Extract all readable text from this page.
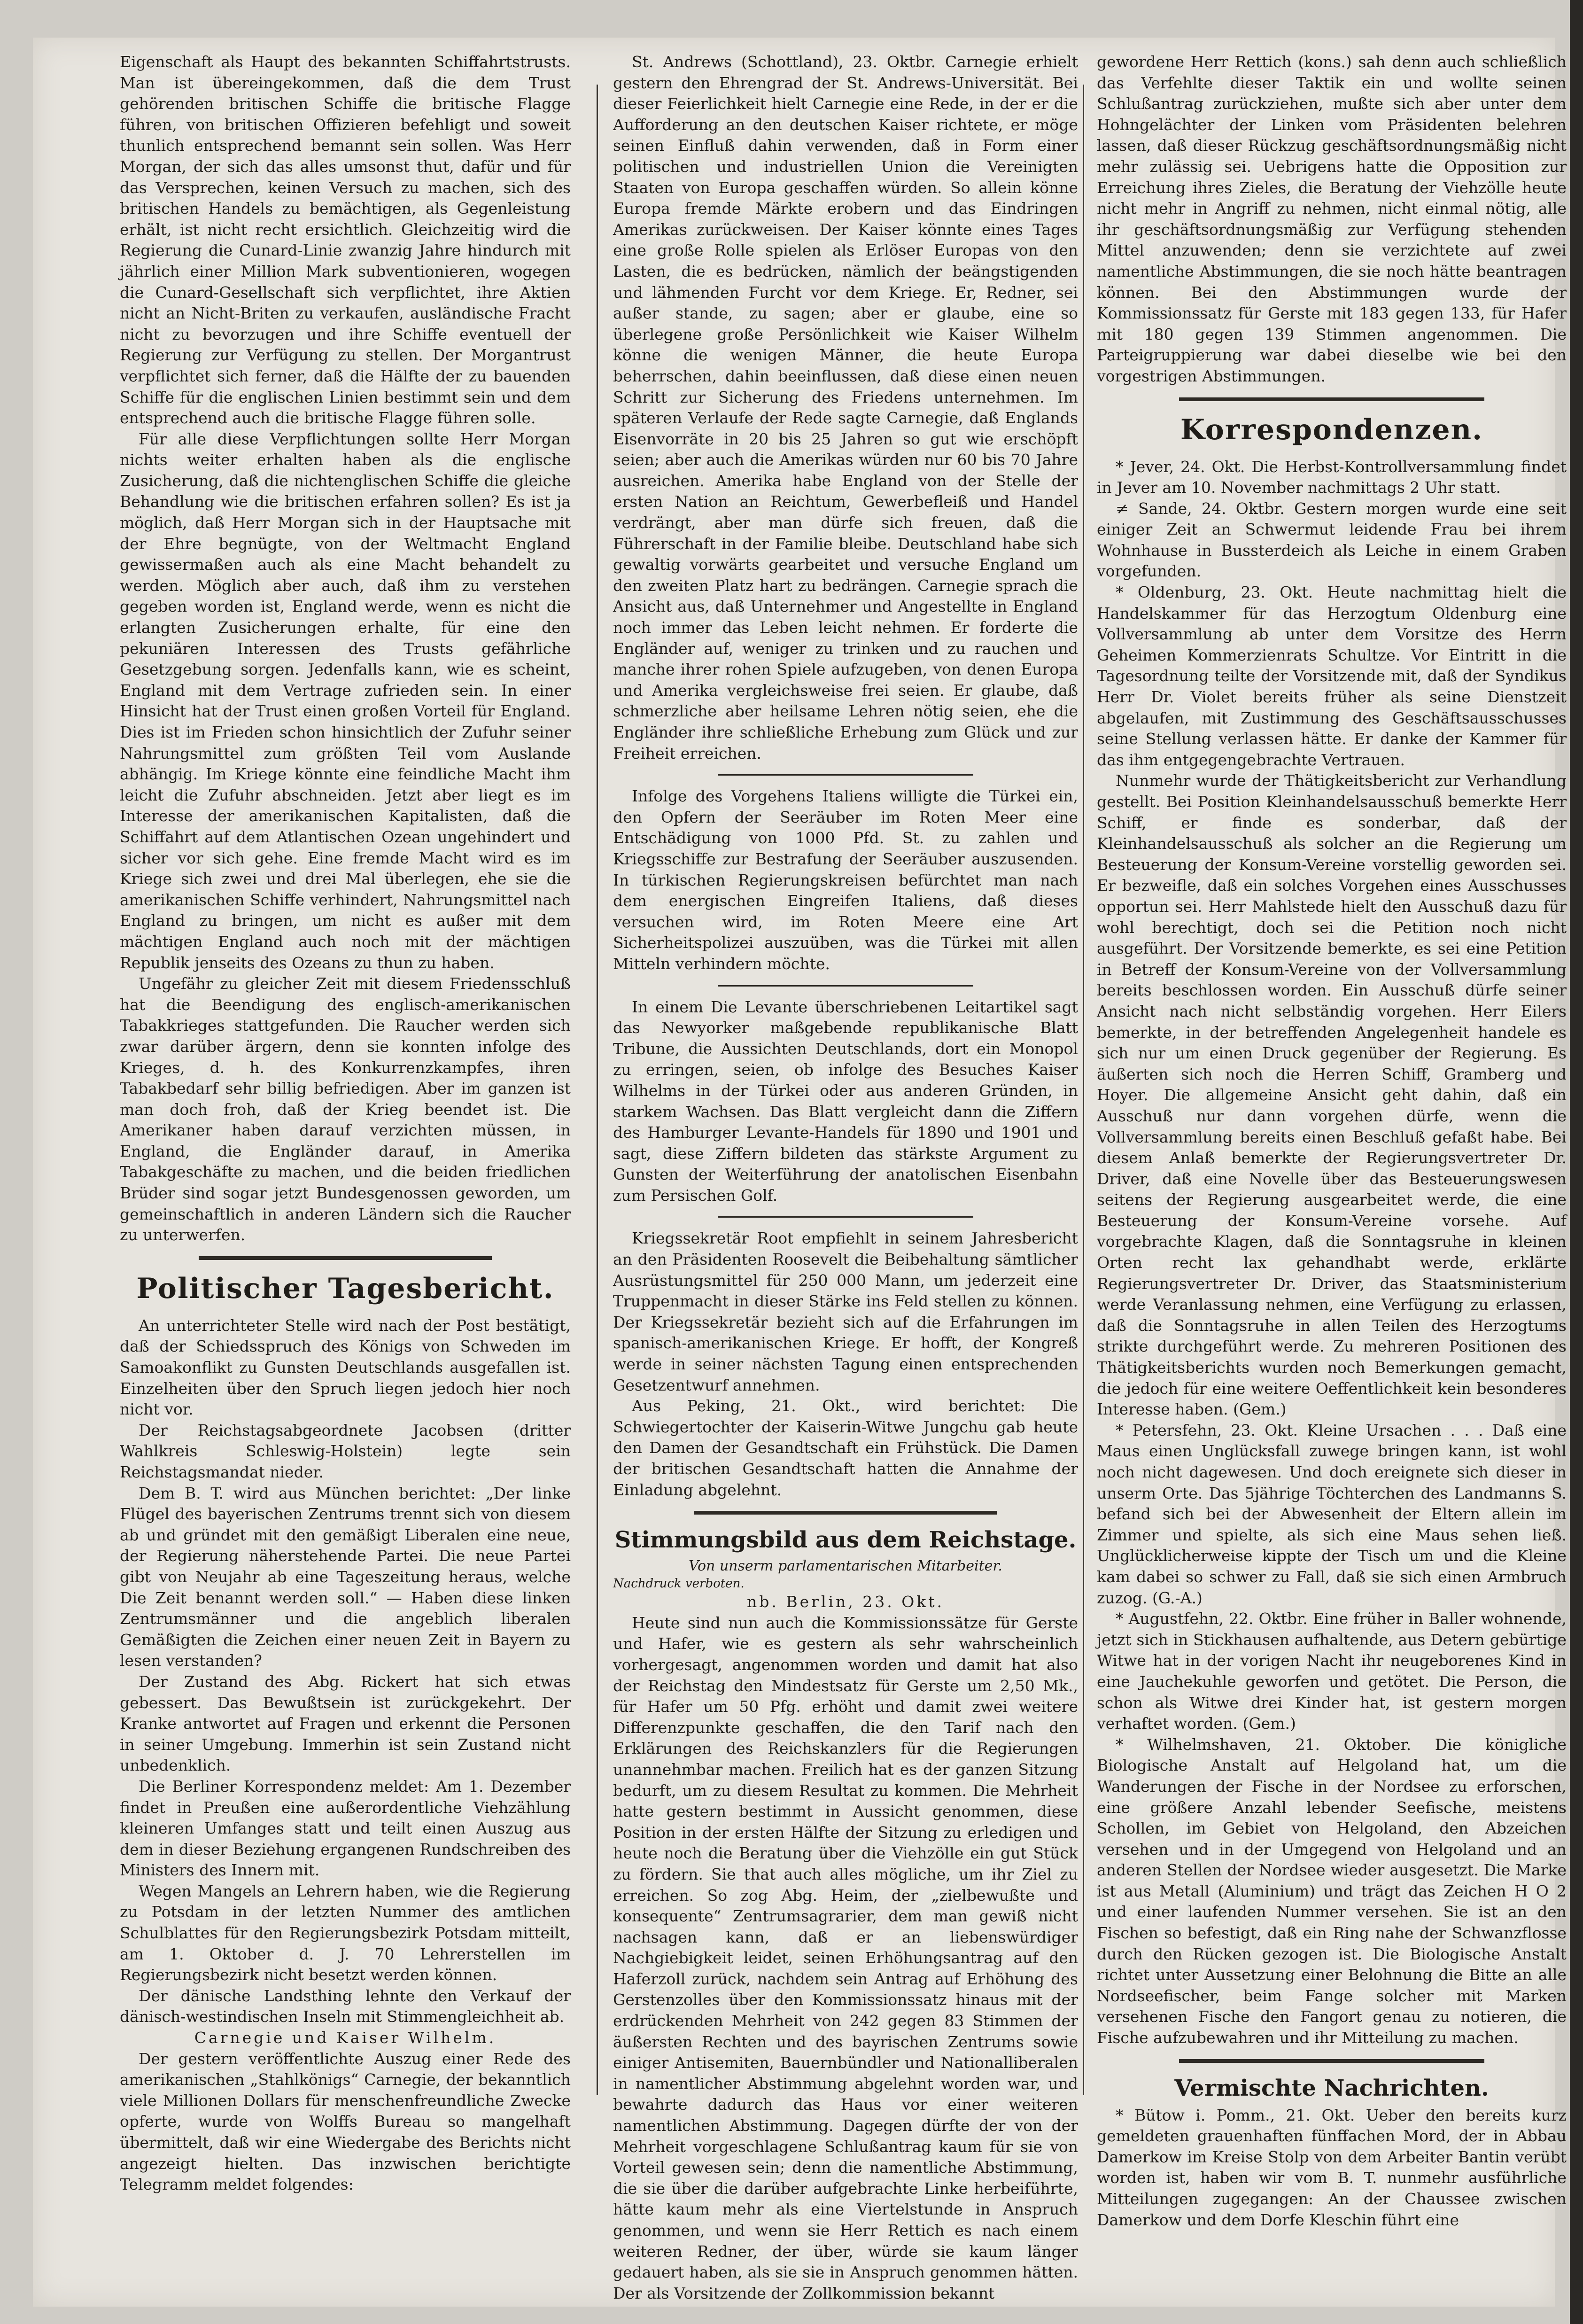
Eigenschaft als Haupt des bekannten Schiffahrtstrusts. Man ist übereingekommen, daß die dem Trust gehörenden britischen Schiffe die britische Flagge führen, von britischen Offizieren befehligt und soweit thunlich entsprechend bemannt sein sollen. Was Herr Morgan, der sich das alles umsonst thut, dafür und für das Versprechen, keinen Versuch zu machen, sich des britischen Handels zu bemächtigen, als Gegenleistung erhält, ist nicht recht ersichtlich. Gleichzeitig wird die Regierung die Cunard-Linie zwanzig Jahre hindurch mit jährlich einer Million Mark subventionieren, wogegen die Cunard-Gesellschaft sich verpflichtet, ihre Aktien nicht an Nicht-Briten zu verkaufen, ausländische Fracht nicht zu bevorzugen und ihre Schiffe eventuell der Regierung zur Verfügung zu stellen. Der Morgantrust verpflichtet sich ferner, daß die Hälfte der zu bauenden Schiffe für die englischen Linien bestimmt sein und dem entsprechend auch die britische Flagge führen solle.

Für alle diese Verpflichtungen sollte Herr Morgan nichts weiter erhalten haben als die englische Zusicherung, daß die nichtenglischen Schiffe die gleiche Behandlung wie die britischen erfahren sollen? Es ist ja möglich, daß Herr Morgan sich in der Hauptsache mit der Ehre begnügte, von der Weltmacht England gewissermaßen auch als eine Macht behandelt zu werden. Möglich aber auch, daß ihm zu verstehen gegeben worden ist, England werde, wenn es nicht die erlangten Zusicherungen erhalte, für eine den pekuniären Interessen des Trusts gefährliche Gesetzgebung sorgen. Jedenfalls kann, wie es scheint, England mit dem Vertrage zufrieden sein. In einer Hinsicht hat der Trust einen großen Vorteil für England. Dies ist im Frieden schon hinsichtlich der Zufuhr seiner Nahrungsmittel zum größten Teil vom Auslande abhängig. Im Kriege könnte eine feindliche Macht ihm leicht die Zufuhr abschneiden. Jetzt aber liegt es im Interesse der amerikanischen Kapitalisten, daß die Schiffahrt auf dem Atlantischen Ozean ungehindert und sicher vor sich gehe. Eine fremde Macht wird es im Kriege sich zwei und drei Mal überlegen, ehe sie die amerikanischen Schiffe verhindert, Nahrungsmittel nach England zu bringen, um nicht es außer mit dem mächtigen England auch noch mit der mächtigen Republik jenseits des Ozeans zu thun zu haben.

Ungefähr zu gleicher Zeit mit diesem Friedensschluß hat die Beendigung des englisch-amerikanischen Tabakkrieges stattgefunden. Die Raucher werden sich zwar darüber ärgern, denn sie konnten infolge des Krieges, d. h. des Konkurrenzkampfes, ihren Tabakbedarf sehr billig befriedigen. Aber im ganzen ist man doch froh, daß der Krieg beendet ist. Die Amerikaner haben darauf verzichten müssen, in England, die Engländer darauf, in Amerika Tabakgeschäfte zu machen, und die beiden friedlichen Brüder sind sogar jetzt Bundesgenossen geworden, um gemeinschaftlich in anderen Ländern sich die Raucher zu unterwerfen.

Politischer Tagesbericht.

An unterrichteter Stelle wird nach der Post bestätigt, daß der Schiedsspruch des Königs von Schweden im Samoakonflikt zu Gunsten Deutschlands ausgefallen ist. Einzelheiten über den Spruch liegen jedoch hier noch nicht vor.

Der Reichstagsabgeordnete Jacobsen (dritter Wahlkreis Schleswig-Holstein) legte sein Reichstagsmandat nieder.

Dem B. T. wird aus München berichtet: „Der linke Flügel des bayerischen Zentrums trennt sich von diesem ab und gründet mit den gemäßigt Liberalen eine neue, der Regierung näherstehende Partei. Die neue Partei gibt von Neujahr ab eine Tageszeitung heraus, welche Die Zeit benannt werden soll.“ — Haben diese linken Zentrumsmänner und die angeblich liberalen Gemäßigten die Zeichen einer neuen Zeit in Bayern zu lesen verstanden?

Der Zustand des Abg. Rickert hat sich etwas gebessert. Das Bewußtsein ist zurückgekehrt. Der Kranke antwortet auf Fragen und erkennt die Personen in seiner Umgebung. Immerhin ist sein Zustand nicht unbedenklich.

Die Berliner Korrespondenz meldet: Am 1. Dezember findet in Preußen eine außerordentliche Viehzählung kleineren Umfanges statt und teilt einen Auszug aus dem in dieser Beziehung ergangenen Rundschreiben des Ministers des Innern mit.

Wegen Mangels an Lehrern haben, wie die Regierung zu Potsdam in der letzten Nummer des amtlichen Schulblattes für den Regierungsbezirk Potsdam mitteilt, am 1. Oktober d. J. 70 Lehrerstellen im Regierungsbezirk nicht besetzt werden können.

Der dänische Landsthing lehnte den Verkauf der dänisch-westindischen Inseln mit Stimmengleichheit ab.

Carnegie und Kaiser Wilhelm.

Der gestern veröffentlichte Auszug einer Rede des amerikanischen „Stahlkönigs“ Carnegie, der bekanntlich viele Millionen Dollars für menschenfreundliche Zwecke opferte, wurde von Wolffs Bureau so mangelhaft übermittelt, daß wir eine Wiedergabe des Berichts nicht angezeigt hielten. Das inzwischen berichtigte Telegramm meldet folgendes:

St. Andrews (Schottland), 23. Oktbr. Carnegie erhielt gestern den Ehrengrad der St. Andrews-Universität. Bei dieser Feierlichkeit hielt Carnegie eine Rede, in der er die Aufforderung an den deutschen Kaiser richtete, er möge seinen Einfluß dahin verwenden, daß in Form einer politischen und industriellen Union die Vereinigten Staaten von Europa geschaffen würden. So allein könne Europa fremde Märkte erobern und das Eindringen Amerikas zurückweisen. Der Kaiser könnte eines Tages eine große Rolle spielen als Erlöser Europas von den Lasten, die es bedrücken, nämlich der beängstigenden und lähmenden Furcht vor dem Kriege. Er, Redner, sei außer stande, zu sagen; aber er glaube, eine so überlegene große Persönlichkeit wie Kaiser Wilhelm könne die wenigen Männer, die heute Europa beherrschen, dahin beeinflussen, daß diese einen neuen Schritt zur Sicherung des Friedens unternehmen. Im späteren Verlaufe der Rede sagte Carnegie, daß Englands Eisenvorräte in 20 bis 25 Jahren so gut wie erschöpft seien; aber auch die Amerikas würden nur 60 bis 70 Jahre ausreichen. Amerika habe England von der Stelle der ersten Nation an Reichtum, Gewerbefleiß und Handel verdrängt, aber man dürfe sich freuen, daß die Führerschaft in der Familie bleibe. Deutschland habe sich gewaltig vorwärts gearbeitet und versuche England um den zweiten Platz hart zu bedrängen. Carnegie sprach die Ansicht aus, daß Unternehmer und Angestellte in England noch immer das Leben leicht nehmen. Er forderte die Engländer auf, weniger zu trinken und zu rauchen und manche ihrer rohen Spiele aufzugeben, von denen Europa und Amerika vergleichsweise frei seien. Er glaube, daß schmerzliche aber heilsame Lehren nötig seien, ehe die Engländer ihre schließliche Erhebung zum Glück und zur Freiheit erreichen.

Infolge des Vorgehens Italiens willigte die Türkei ein, den Opfern der Seeräuber im Roten Meer eine Entschädigung von 1000 Pfd. St. zu zahlen und Kriegsschiffe zur Bestrafung der Seeräuber auszusenden. In türkischen Regierungskreisen befürchtet man nach dem energischen Eingreifen Italiens, daß dieses versuchen wird, im Roten Meere eine Art Sicherheitspolizei auszuüben, was die Türkei mit allen Mitteln verhindern möchte.

In einem Die Levante überschriebenen Leitartikel sagt das Newyorker maßgebende republikanische Blatt Tribune, die Aussichten Deutschlands, dort ein Monopol zu erringen, seien, ob infolge des Besuches Kaiser Wilhelms in der Türkei oder aus anderen Gründen, in starkem Wachsen. Das Blatt vergleicht dann die Ziffern des Hamburger Levante-Handels für 1890 und 1901 und sagt, diese Ziffern bildeten das stärkste Argument zu Gunsten der Weiterführung der anatolischen Eisenbahn zum Persischen Golf.

Kriegssekretär Root empfiehlt in seinem Jahresbericht an den Präsidenten Roosevelt die Beibehaltung sämtlicher Ausrüstungsmittel für 250 000 Mann, um jederzeit eine Truppenmacht in dieser Stärke ins Feld stellen zu können. Der Kriegssekretär bezieht sich auf die Erfahrungen im spanisch-amerikanischen Kriege. Er hofft, der Kongreß werde in seiner nächsten Tagung einen entsprechenden Gesetzentwurf annehmen.

Aus Peking, 21. Okt., wird berichtet: Die Schwiegertochter der Kaiserin-Witwe Jungchu gab heute den Damen der Gesandtschaft ein Frühstück. Die Damen der britischen Gesandtschaft hatten die Annahme der Einladung abgelehnt.

Stimmungsbild aus dem Reichstage.
Von unserm parlamentarischen Mitarbeiter.
Nachdruck verboten.

nb. Berlin, 23. Okt.

Heute sind nun auch die Kommissionssätze für Gerste und Hafer, wie es gestern als sehr wahrscheinlich vorhergesagt, angenommen worden und damit hat also der Reichstag den Mindestsatz für Gerste um 2,50 Mk., für Hafer um 50 Pfg. erhöht und damit zwei weitere Differenzpunkte geschaffen, die den Tarif nach den Erklärungen des Reichskanzlers für die Regierungen unannehmbar machen. Freilich hat es der ganzen Sitzung bedurft, um zu diesem Resultat zu kommen. Die Mehrheit hatte gestern bestimmt in Aussicht genommen, diese Position in der ersten Hälfte der Sitzung zu erledigen und heute noch die Beratung über die Viehzölle ein gut Stück zu fördern. Sie that auch alles mögliche, um ihr Ziel zu erreichen. So zog Abg. Heim, der „zielbewußte und konsequente“ Zentrumsagrarier, dem man gewiß nicht nachsagen kann, daß er an liebenswürdiger Nachgiebigkeit leidet, seinen Erhöhungsantrag auf den Haferzoll zurück, nachdem sein Antrag auf Erhöhung des Gerstenzolles über den Kommissionssatz hinaus mit der erdrückenden Mehrheit von 242 gegen 83 Stimmen der äußersten Rechten und des bayrischen Zentrums sowie einiger Antisemiten, Bauernbündler und Nationalliberalen in namentlicher Abstimmung abgelehnt worden war, und bewahrte dadurch das Haus vor einer weiteren namentlichen Abstimmung. Dagegen dürfte der von der Mehrheit vorgeschlagene Schlußantrag kaum für sie von Vorteil gewesen sein; denn die namentliche Abstimmung, die sie über die darüber aufgebrachte Linke herbeiführte, hätte kaum mehr als eine Viertelstunde in Anspruch genommen, und wenn sie Herr Rettich es nach einem weiteren Redner, der über, würde sie kaum länger gedauert haben, als sie sie in Anspruch genommen hätten. Der als Vorsitzende der Zollkommission bekannt

gewordene Herr Rettich (kons.) sah denn auch schließlich das Verfehlte dieser Taktik ein und wollte seinen Schlußantrag zurückziehen, mußte sich aber unter dem Hohngelächter der Linken vom Präsidenten belehren lassen, daß dieser Rückzug geschäftsordnungsmäßig nicht mehr zulässig sei. Uebrigens hatte die Opposition zur Erreichung ihres Zieles, die Beratung der Viehzölle heute nicht mehr in Angriff zu nehmen, nicht einmal nötig, alle ihr geschäftsordnungsmäßig zur Verfügung stehenden Mittel anzuwenden; denn sie verzichtete auf zwei namentliche Abstimmungen, die sie noch hätte beantragen können. Bei den Abstimmungen wurde der Kommissionssatz für Gerste mit 183 gegen 133, für Hafer mit 180 gegen 139 Stimmen angenommen. Die Parteigruppierung war dabei dieselbe wie bei den vorgestrigen Abstimmungen.

Korrespondenzen.

* Jever, 24. Okt. Die Herbst-Kontrollversammlung findet in Jever am 10. November nachmittags 2 Uhr statt.

≠ Sande, 24. Oktbr. Gestern morgen wurde eine seit einiger Zeit an Schwermut leidende Frau bei ihrem Wohnhause in Bussterdeich als Leiche in einem Graben vorgefunden.

* Oldenburg, 23. Okt. Heute nachmittag hielt die Handelskammer für das Herzogtum Oldenburg eine Vollversammlung ab unter dem Vorsitze des Herrn Geheimen Kommerzienrats Schultze. Vor Eintritt in die Tagesordnung teilte der Vorsitzende mit, daß der Syndikus Herr Dr. Violet bereits früher als seine Dienstzeit abgelaufen, mit Zustimmung des Geschäftsausschusses seine Stellung verlassen hätte. Er danke der Kammer für das ihm entgegengebrachte Vertrauen.

Nunmehr wurde der Thätigkeitsbericht zur Verhandlung gestellt. Bei Position Kleinhandelsausschuß bemerkte Herr Schiff, er finde es sonderbar, daß der Kleinhandelsausschuß als solcher an die Regierung um Besteuerung der Konsum-Vereine vorstellig geworden sei. Er bezweifle, daß ein solches Vorgehen eines Ausschusses opportun sei. Herr Mahlstede hielt den Ausschuß dazu für wohl berechtigt, doch sei die Petition noch nicht ausgeführt. Der Vorsitzende bemerkte, es sei eine Petition in Betreff der Konsum-Vereine von der Vollversammlung bereits beschlossen worden. Ein Ausschuß dürfe seiner Ansicht nach nicht selbständig vorgehen. Herr Eilers bemerkte, in der betreffenden Angelegenheit handele es sich nur um einen Druck gegenüber der Regierung. Es äußerten sich noch die Herren Schiff, Gramberg und Hoyer. Die allgemeine Ansicht geht dahin, daß ein Ausschuß nur dann vorgehen dürfe, wenn die Vollversammlung bereits einen Beschluß gefaßt habe. Bei diesem Anlaß bemerkte der Regierungsvertreter Dr. Driver, daß eine Novelle über das Besteuerungswesen seitens der Regierung ausgearbeitet werde, die eine Besteuerung der Konsum-Vereine vorsehe. Auf vorgebrachte Klagen, daß die Sonntagsruhe in kleinen Orten recht lax gehandhabt werde, erklärte Regierungsvertreter Dr. Driver, das Staatsministerium werde Veranlassung nehmen, eine Verfügung zu erlassen, daß die Sonntagsruhe in allen Teilen des Herzogtums strikte durchgeführt werde. Zu mehreren Positionen des Thätigkeitsberichts wurden noch Bemerkungen gemacht, die jedoch für eine weitere Oeffentlichkeit kein besonderes Interesse haben. (Gem.)

* Petersfehn, 23. Okt. Kleine Ursachen . . . Daß eine Maus einen Unglücksfall zuwege bringen kann, ist wohl noch nicht dagewesen. Und doch ereignete sich dieser in unserm Orte. Das 5jährige Töchterchen des Landmanns S. befand sich bei der Abwesenheit der Eltern allein im Zimmer und spielte, als sich eine Maus sehen ließ. Unglücklicherweise kippte der Tisch um und die Kleine kam dabei so schwer zu Fall, daß sie sich einen Armbruch zuzog. (G.-A.)

* Augustfehn, 22. Oktbr. Eine früher in Baller wohnende, jetzt sich in Stickhausen aufhaltende, aus Detern gebürtige Witwe hat in der vorigen Nacht ihr neugeborenes Kind in eine Jauchekuhle geworfen und getötet. Die Person, die schon als Witwe drei Kinder hat, ist gestern morgen verhaftet worden. (Gem.)

* Wilhelmshaven, 21. Oktober. Die königliche Biologische Anstalt auf Helgoland hat, um die Wanderungen der Fische in der Nordsee zu erforschen, eine größere Anzahl lebender Seefische, meistens Schollen, im Gebiet von Helgoland, den Abzeichen versehen und in der Umgegend von Helgoland und an anderen Stellen der Nordsee wieder ausgesetzt. Die Marke ist aus Metall (Aluminium) und trägt das Zeichen H O 2 und einer laufenden Nummer versehen. Sie ist an den Fischen so befestigt, daß ein Ring nahe der Schwanzflosse durch den Rücken gezogen ist. Die Biologische Anstalt richtet unter Aussetzung einer Belohnung die Bitte an alle Nordseefischer, beim Fange solcher mit Marken versehenen Fische den Fangort genau zu notieren, die Fische aufzubewahren und ihr Mitteilung zu machen.

Vermischte Nachrichten.

* Bütow i. Pomm., 21. Okt. Ueber den bereits kurz gemeldeten grauenhaften fünffachen Mord, der in Abbau Damerkow im Kreise Stolp von dem Arbeiter Bantin verübt worden ist, haben wir vom B. T. nunmehr ausführliche Mitteilungen zugegangen: An der Chaussee zwischen Damerkow und dem Dorfe Kleschin führt eine
